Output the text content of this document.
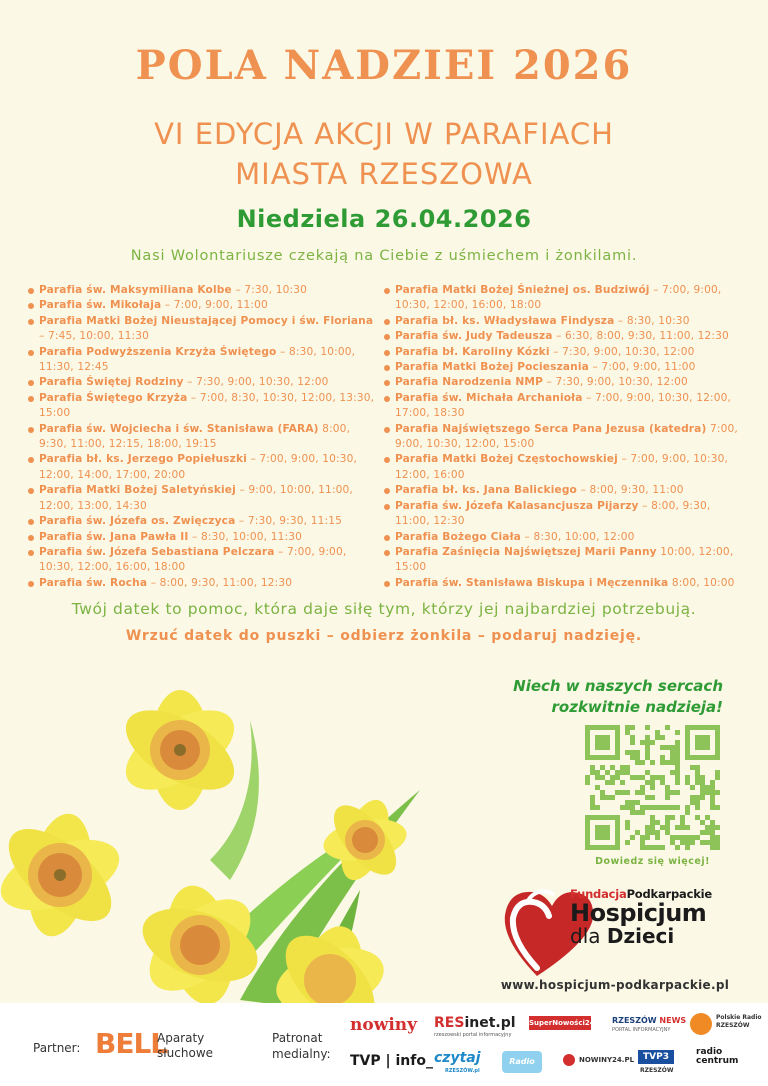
POLA NADZIEI 2026
VI EDYCJA AKCJI W PARAFIACH
MIASTA RZESZOWA
Niedziela 26.04.2026
Nasi Wolontariusze czekają na Ciebie z uśmiechem i żonkilami.
Parafia św. Maksymiliana Kolbe – 7:30, 10:30
Parafia św. Mikołaja – 7:00, 9:00, 11:00
Parafia Matki Bożej Nieustającej Pomocy i św. Floriana – 7:45, 10:00, 11:30
Parafia Podwyższenia Krzyża Świętego – 8:30, 10:00, 11:30, 12:45
Parafia Świętej Rodziny – 7:30, 9:00, 10:30, 12:00
Parafia Świętego Krzyża – 7:00, 8:30, 10:30, 12:00, 13:30, 15:00
Parafia św. Wojciecha i św. Stanisława (FARA) 8:00, 9:30, 11:00, 12:15, 18:00, 19:15
Parafia bł. ks. Jerzego Popiełuszki – 7:00, 9:00, 10:30, 12:00, 14:00, 17:00, 20:00
Parafia Matki Bożej Saletyńskiej – 9:00, 10:00, 11:00, 12:00, 13:00, 14:30
Parafia św. Józefa os. Zwięczyca – 7:30, 9:30, 11:15
Parafia św. Jana Pawła II – 8:30, 10:00, 11:30
Parafia św. Józefa Sebastiana Pelczara – 7:00, 9:00, 10:30, 12:00, 16:00, 18:00
Parafia św. Rocha – 8:00, 9:30, 11:00, 12:30
Parafia Matki Bożej Śnieżnej os. Budziwój – 7:00, 9:00, 10:30, 12:00, 16:00, 18:00
Parafia bł. ks. Władysława Findysza – 8:30, 10:30
Parafia św. Judy Tadeusza – 6:30, 8:00, 9:30, 11:00, 12:30
Parafia bł. Karoliny Kózki – 7:30, 9:00, 10:30, 12:00
Parafia Matki Bożej Pocieszania – 7:00, 9:00, 11:00
Parafia Narodzenia NMP – 7:30, 9:00, 10:30, 12:00
Parafia św. Michała Archanioła – 7:00, 9:00, 10:30, 12:00, 17:00, 18:30
Parafia Najświętszego Serca Pana Jezusa (katedra) 7:00, 9:00, 10:30, 12:00, 15:00
Parafia Matki Bożej Częstochowskiej – 7:00, 9:00, 10:30, 12:00, 16:00
Parafia bł. ks. Jana Balickiego – 8:00, 9:30, 11:00
Parafia św. Józefa Kalasancjusza Pijarzy – 8:00, 9:30, 11:00, 12:30
Parafia Bożego Ciała – 8:30, 10:00, 12:00
Parafia Zaśnięcia Najświętszej Marii Panny 10:00, 12:00, 15:00
Parafia św. Stanisława Biskupa i Męczennika 8:00, 10:00
Twój datek to pomoc, która daje siłę tym, którzy jej najbardziej potrzebują.
Wrzuć datek do puszki – odbierz żonkila – podaruj nadzieję.
Niech w naszych sercach
rozkwitnie nadzieja!
Dowiedz się więcej!
FundacjaPodkarpackie
Hospicjum
dla Dzieci
www.hospicjum-podkarpackie.pl
Partner: BELL
Aparaty
słuchowe
Patronat
medialny:
nowiny RESinet.pl
rzeszowski portal informacyjny
SuperNowości24.pl RZESZÓW NEWS
PORTAL INFORMACYJNY
Polskie Radio
RZESZÓW
TVP | info_ czytaj
RZESZÓW.pl
Radio VIA
NOWINY24.PL TVP3
RZESZÓW
radio
centrum
